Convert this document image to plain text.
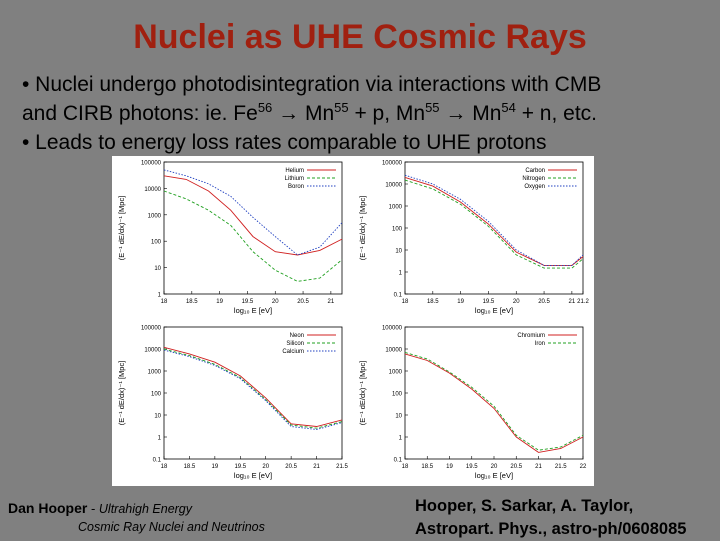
Nuclei as UHE Cosmic Rays
• Nuclei undergo photodisintegration via interactions with CMB
and CIRB photons: ie. $Fe^{56} \to Mn^{55} + p$, $Mn^{55} \to Mn^{54} + n$, etc.
• Leads to energy loss rates comparable to UHE protons
100000
10000
1000
100
10
1
18	18.5	19	19.5	20	20.5	21
log₁₀ E [eV]
(E⁻¹ dE/dx)⁻¹ [Mpc]
Helium
Lithium
Boron
100000
10000
1000
100
10
1
0.1
18	18.5	19	19.5	20	20.5	21 21.2
log₁₀ E [eV]
(E⁻¹ dE/dx)⁻¹ [Mpc]
Carbon
Nitrogen
Oxygen
100000
10000
1000
100
10
1
0.1
18	18.5	19	19.5	20	20.5	21	21.5
log₁₀ E [eV]
(E⁻¹ dE/dx)⁻¹ [Mpc]
Neon
Silicon
Calcium
100000
10000
1000
100
10
1
0.1
18 18.5 19 19.5 20 20.5 21 21.5 22
log₁₀ E [eV]
(E⁻¹ dE/dx)⁻¹ [Mpc]
Chromium
Iron
Dan Hooper - Ultrahigh Energy
Cosmic Ray Nuclei and Neutrinos
Hooper, S. Sarkar, A. Taylor,
Astropart. Phys., astro-ph/0608085
